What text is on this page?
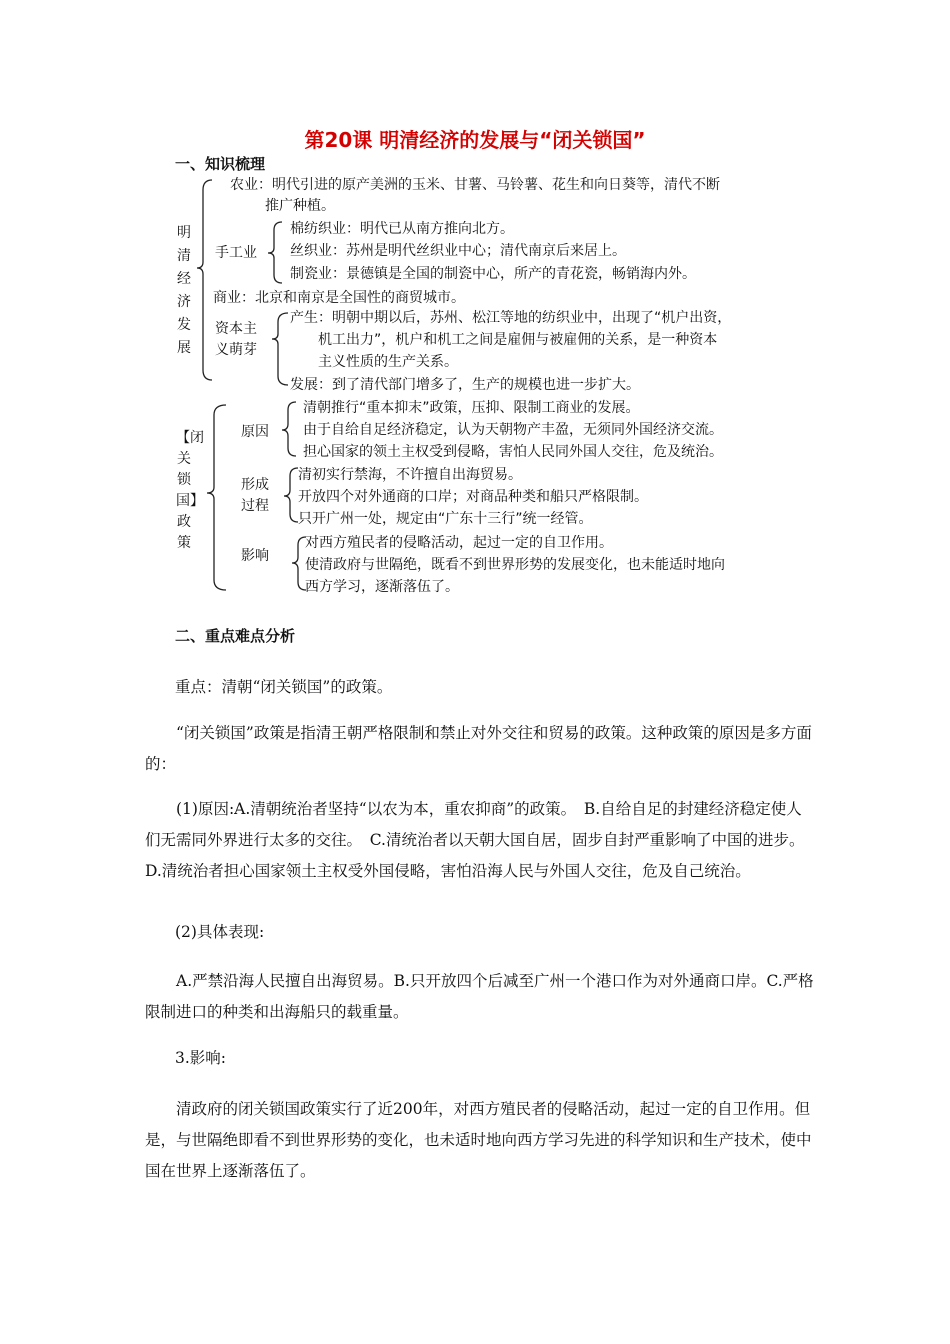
第20课 明清经济的发展与“闭关锁国”
一、知识梳理
明清经济发展
农业：明代引进的原产美洲的玉米、甘薯、马铃薯、花生和向日葵等，清代不断
推广种植。
手工业
棉纺织业：明代已从南方推向北方。
丝织业：苏州是明代丝织业中心；清代南京后来居上。
制瓷业：景德镇是全国的制瓷中心，所产的青花瓷，畅销海内外。
商业：北京和南京是全国性的商贸城市。
资本主
义萌芽
产生：明朝中期以后，苏州、松江等地的纺织业中，出现了“机户出资，
机工出力”，机户和机工之间是雇佣与被雇佣的关系，是一种资本
主义性质的生产关系。
发展：到了清代部门增多了，生产的规模也进一步扩大。
【闭关锁国】政策
原因
清朝推行“重本抑末”政策，压抑、限制工商业的发展。
由于自给自足经济稳定，认为天朝物产丰盈，无须同外国经济交流。
担心国家的领土主权受到侵略，害怕人民同外国人交往，危及统治。
形成
过程
清初实行禁海，不许擅自出海贸易。
开放四个对外通商的口岸；对商品种类和船只严格限制。
只开广州一处，规定由“广东十三行”统一经管。
影响
对西方殖民者的侵略活动，起过一定的自卫作用。
使清政府与世隔绝，既看不到世界形势的发展变化，也未能适时地向
西方学习，逐渐落伍了。
二、重点难点分析
重点：清朝“闭关锁国”的政策。
“闭关锁国”政策是指清王朝严格限制和禁止对外交往和贸易的政策。这种政策的原因是多方面的：
(1)原因:A.清朝统治者坚持“以农为本，重农抑商”的政策。　B.自给自足的封建经济稳定使人们无需同外界进行太多的交往。　C.清统治者以天朝大国自居，固步自封严重影响了中国的进步。　D.清统治者担心国家领土主权受外国侵略，害怕沿海人民与外国人交往，危及自己统治。
(2)具体表现:
A.严禁沿海人民擅自出海贸易。B.只开放四个后减至广州一个港口作为对外通商口岸。C.严格限制进口的种类和出海船只的载重量。
3.影响:
清政府的闭关锁国政策实行了近200年，对西方殖民者的侵略活动，起过一定的自卫作用。但是，与世隔绝即看不到世界形势的变化，也未适时地向西方学习先进的科学知识和生产技术，使中国在世界上逐渐落伍了。
